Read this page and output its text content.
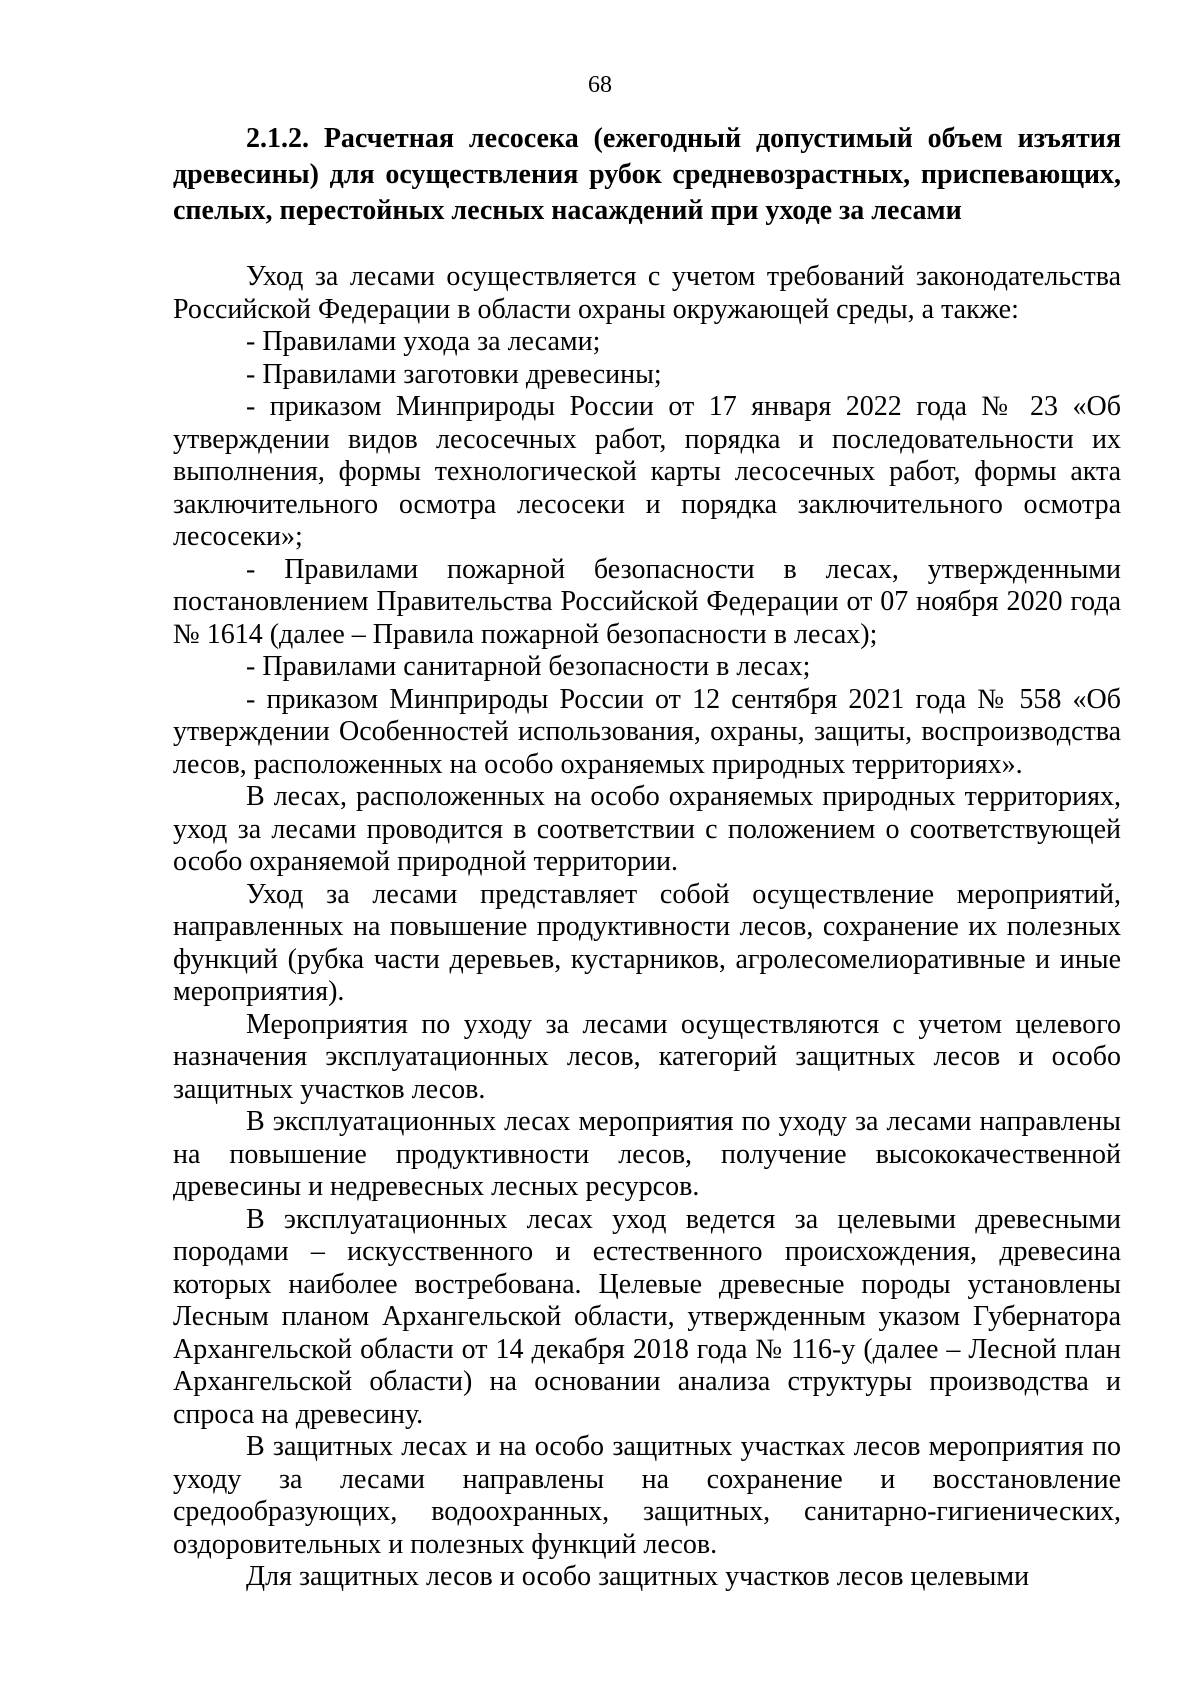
68

2.1.2. Расчетная лесосека (ежегодный допустимый объем изъятия древесины) для осуществления рубок средневозрастных, приспевающих, спелых, перестойных лесных насаждений при уходе за лесами

Уход за лесами осуществляется с учетом требований законодательства Российской Федерации в области охраны окружающей среды, а также:

- Правилами ухода за лесами;

- Правилами заготовки древесины;

- приказом Минприроды России от 17 января 2022 года № 23 «Об утверждении видов лесосечных работ, порядка и последовательности их выполнения, формы технологической карты лесосечных работ, формы акта заключительного осмотра лесосеки и порядка заключительного осмотра лесосеки»;

- Правилами пожарной безопасности в лесах, утвержденными постановлением Правительства Российской Федерации от 07 ноября 2020 года № 1614 (далее – Правила пожарной безопасности в лесах);

- Правилами санитарной безопасности в лесах;

- приказом Минприроды России от 12 сентября 2021 года № 558 «Об утверждении Особенностей использования, охраны, защиты, воспроизводства лесов, расположенных на особо охраняемых природных территориях».

В лесах, расположенных на особо охраняемых природных территориях, уход за лесами проводится в соответствии с положением о соответствующей особо охраняемой природной территории.

Уход за лесами представляет собой осуществление мероприятий, направленных на повышение продуктивности лесов, сохранение их полезных функций (рубка части деревьев, кустарников, агролесомелиоративные и иные мероприятия).

Мероприятия по уходу за лесами осуществляются с учетом целевого назначения эксплуатационных лесов, категорий защитных лесов и особо защитных участков лесов.

В эксплуатационных лесах мероприятия по уходу за лесами направлены на повышение продуктивности лесов, получение высококачественной древесины и недревесных лесных ресурсов.

В эксплуатационных лесах уход ведется за целевыми древесными породами – искусственного и естественного происхождения, древесина которых наиболее востребована. Целевые древесные породы установлены Лесным планом Архангельской области, утвержденным указом Губернатора Архангельской области от 14 декабря 2018 года № 116-у (далее – Лесной план Архангельской области) на основании анализа структуры производства и спроса на древесину.

В защитных лесах и на особо защитных участках лесов мероприятия по уходу за лесами направлены на сохранение и восстановление средообразующих, водоохранных, защитных, санитарно-гигиенических, оздоровительных и полезных функций лесов.

Для защитных лесов и особо защитных участков лесов целевыми
